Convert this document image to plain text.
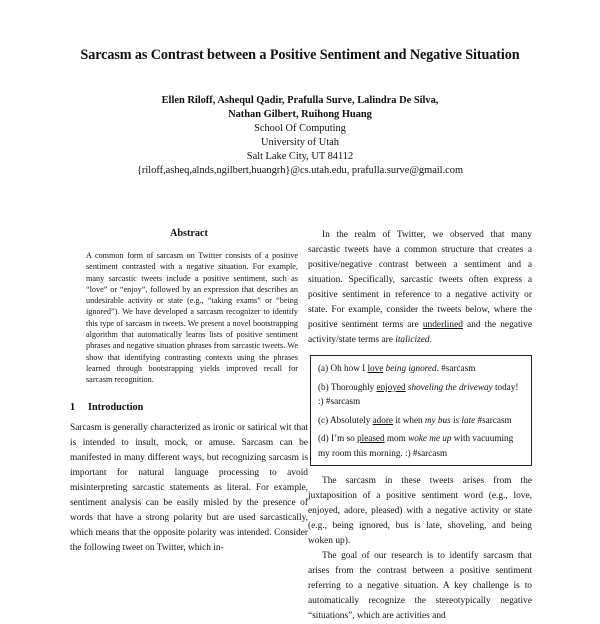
Sarcasm as Contrast between a Positive Sentiment and Negative Situation
Ellen Riloff, Ashequl Qadir, Prafulla Surve, Lalindra De Silva,
Nathan Gilbert, Ruihong Huang
School Of Computing
University of Utah
Salt Lake City, UT 84112
{riloff,asheq,alnds,ngilbert,huangrh}@cs.utah.edu, prafulla.surve@gmail.com
Abstract
A common form of sarcasm on Twitter consists of a positive sentiment contrasted with a negative situation. For example, many sarcastic tweets include a positive sentiment, such as “love” or “enjoy”, followed by an expression that describes an undesirable activity or state (e.g., “taking exams” or “being ignored”). We have developed a sarcasm recognizer to identify this type of sarcasm in tweets. We present a novel bootstrapping algorithm that automatically learns lists of positive sentiment phrases and negative situation phrases from sarcastic tweets. We show that identifying contrasting contexts using the phrases learned through bootstrapping yields improved recall for sarcasm recognition.
1 Introduction

Sarcasm is generally characterized as ironic or satirical wit that is intended to insult, mock, or amuse. Sarcasm can be manifested in many different ways, but recognizing sarcasm is important for natural language processing to avoid misinterpreting sarcastic statements as literal. For example, sentiment analysis can be easily misled by the presence of words that have a strong polarity but are used sarcastically, which means that the opposite polarity was intended. Consider the following tweet on Twitter, which in-

In the realm of Twitter, we observed that many sarcastic tweets have a common structure that creates a positive/negative contrast between a sentiment and a situation. Specifically, sarcastic tweets often express a positive sentiment in reference to a negative activity or state. For example, consider the tweets below, where the positive sentiment terms are underlined and the negative activity/state terms are italicized.

(a) Oh how I love being ignored. #sarcasm
(b) Thoroughly enjoyed shoveling the driveway today! :) #sarcasm
(c) Absolutely adore it when my bus is late #sarcasm
(d) I’m so pleased mom woke me up with vacuuming my room this morning. :) #sarcasm

The sarcasm in these tweets arises from the juxtaposition of a positive sentiment word (e.g., love, enjoyed, adore, pleased) with a negative activity or state (e.g., being ignored, bus is late, shoveling, and being woken up).

The goal of our research is to identify sarcasm that arises from the contrast between a positive sentiment referring to a negative situation. A key challenge is to automatically recognize the stereotypically negative “situations”, which are activities and
